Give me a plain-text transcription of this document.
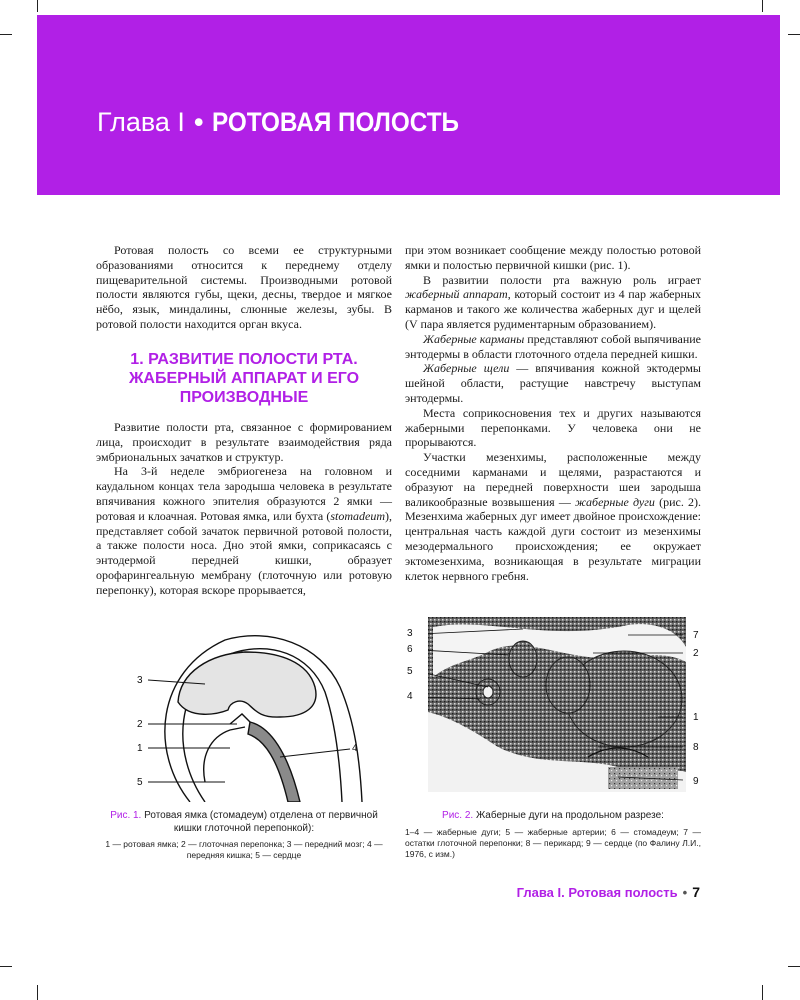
Глава I • РОТОВАЯ ПОЛОСТЬ

Ротовая полость со всеми ее структурными образованиями относится к переднему отделу пищеварительной системы. Производными ротовой полости являются губы, щеки, десны, твердое и мягкое нёбо, язык, миндалины, слюнные железы, зубы. В ротовой полости находится орган вкуса.

1. РАЗВИТИЕ ПОЛОСТИ РТА.
ЖАБЕРНЫЙ АППАРАТ И ЕГО
ПРОИЗВОДНЫЕ

Развитие полости рта, связанное с формированием лица, происходит в результате взаимодействия ряда эмбриональных зачатков и структур.

На 3-й неделе эмбриогенеза на головном и каудальном концах тела зародыша человека в результате впячивания кожного эпителия образуются 2 ямки — ротовая и клоачная. Ротовая ямка, или бухта (stomadeum), представляет собой зачаток первичной ротовой полости, а также полости носа. Дно этой ямки, соприкасаясь с энтодермой передней кишки, образует орофарингеальную мембрану (глоточную или ротовую перепонку), которая вскоре прорывается,

при этом возникает сообщение между полостью ротовой ямки и полостью первичной кишки (рис. 1).

В развитии полости рта важную роль играет жаберный аппарат, который состоит из 4 пар жаберных карманов и такого же количества жаберных дуг и щелей (V пара является рудиментарным образованием).

Жаберные карманы представляют собой выпячивание энтодермы в области глоточного отдела передней кишки.

Жаберные щели — впячивания кожной эктодермы шейной области, растущие навстречу выступам энтодермы.

Места соприкосновения тех и других называются жаберными перепонками. У человека они не прорываются.

Участки мезенхимы, расположенные между соседними карманами и щелями, разрастаются и образуют на передней поверхности шеи зародыша валикообразные возвышения — жаберные дуги (рис. 2). Мезенхима жаберных дуг имеет двойное происхождение: центральная часть каждой дуги состоит из мезенхимы мезодермального происхождения; ее окружает эктомезенхима, возникающая в результате миграции клеток нервного гребня.

3
2
1
5
4
3
6
5
4
7
2
1
8
9
Рис. 1. Ротовая ямка (стомадеум) отделена от первичной кишки глоточной перепонкой):
1 — ротовая ямка; 2 — глоточная перепонка; 3 — передний мозг; 4 — передняя кишка; 5 — сердце
Рис. 2. Жаберные дуги на продольном разрезе:
1–4 — жаберные дуги; 5 — жаберные артерии; 6 — стомадеум; 7 — остатки глоточной перепонки; 8 — перикард; 9 — сердце (по Фалину Л.И., 1976, с изм.)
Глава I. Ротовая полость • 7
